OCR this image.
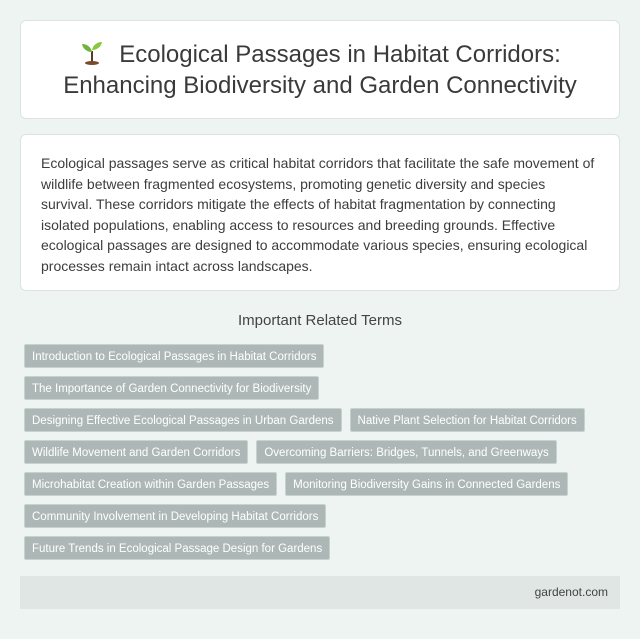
Ecological Passages in Habitat Corridors:
Enhancing Biodiversity and Garden Connectivity

Ecological passages serve as critical habitat corridors that facilitate the safe movement of wildlife between fragmented ecosystems, promoting genetic diversity and species survival. These corridors mitigate the effects of habitat fragmentation by connecting isolated populations, enabling access to resources and breeding grounds. Effective ecological passages are designed to accommodate various species, ensuring ecological processes remain intact across landscapes.

Important Related Terms
Introduction to Ecological Passages in Habitat Corridors
The Importance of Garden Connectivity for Biodiversity
Designing Effective Ecological Passages in Urban Gardens	Native Plant Selection for Habitat Corridors
Wildlife Movement and Garden Corridors	Overcoming Barriers: Bridges, Tunnels, and Greenways
Microhabitat Creation within Garden Passages	Monitoring Biodiversity Gains in Connected Gardens
Community Involvement in Developing Habitat Corridors
Future Trends in Ecological Passage Design for Gardens
gardenot.com
